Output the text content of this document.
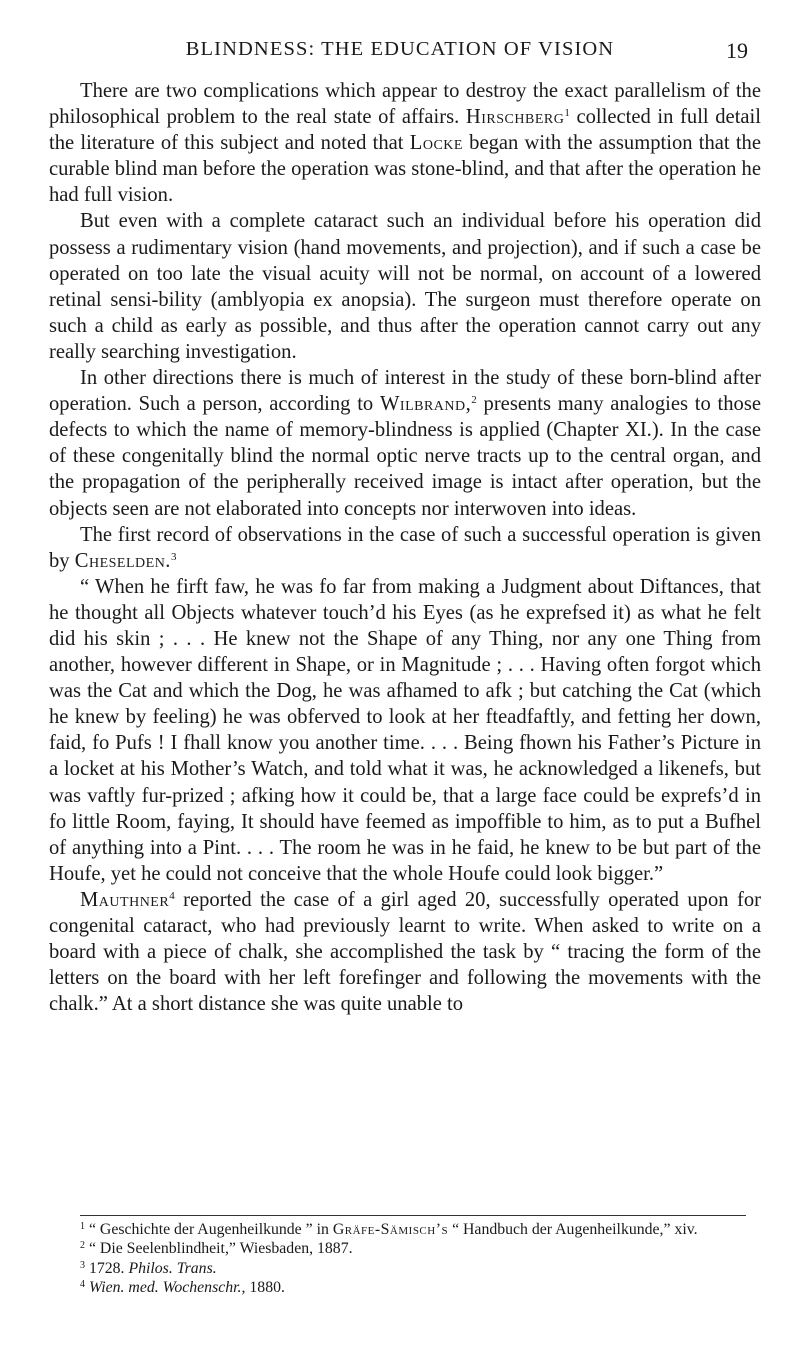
BLINDNESS: THE EDUCATION OF VISION	19

There are two complications which appear to destroy the exact parallelism of the philosophical problem to the real state of affairs. Hirschberg$^1$ collected in full detail the literature of this subject and noted that Locke began with the assumption that the curable blind man before the operation was stone-blind, and that after the operation he had full vision.

But even with a complete cataract such an individual before his operation did possess a rudimentary vision (hand movements, and projection), and if such a case be operated on too late the visual acuity will not be normal, on account of a lowered retinal sensi-bility (amblyopia ex anopsia). The surgeon must therefore operate on such a child as early as possible, and thus after the operation cannot carry out any really searching investigation.

In other directions there is much of interest in the study of these born-blind after operation. Such a person, according to Wilbrand,$^2$ presents many analogies to those defects to which the name of memory-blindness is applied (Chapter XI.). In the case of these congenitally blind the normal optic nerve tracts up to the central organ, and the propagation of the peripherally received image is intact after operation, but the objects seen are not elaborated into concepts nor interwoven into ideas.

The first record of observations in the case of such a successful operation is given by Cheselden.$^3$

“ When he firft faw, he was fo far from making a Judgment about Diftances, that he thought all Objects whatever touch’d his Eyes (as he exprefsed it) as what he felt did his skin ; . . . He knew not the Shape of any Thing, nor any one Thing from another, however different in Shape, or in Magnitude ; . . . Having often forgot which was the Cat and which the Dog, he was afhamed to afk ; but catching the Cat (which he knew by feeling) he was obferved to look at her fteadfaftly, and fetting her down, faid, fo Pufs ! I fhall know you another time. . . . Being fhown his Father’s Picture in a locket at his Mother’s Watch, and told what it was, he acknowledged a likenefs, but was vaftly fur-prized ; afking how it could be, that a large face could be exprefs’d in fo little Room, faying, It should have feemed as impoffible to him, as to put a Bufhel of anything into a Pint. . . . The room he was in he faid, he knew to be but part of the Houfe, yet he could not conceive that the whole Houfe could look bigger.”

Mauthner$^4$ reported the case of a girl aged 20, successfully operated upon for congenital cataract, who had previously learnt to write. When asked to write on a board with a piece of chalk, she accomplished the task by “ tracing the form of the letters on the board with her left forefinger and following the movements with the chalk.” At a short distance she was quite unable to

$^1$ “ Geschichte der Augenheilkunde ” in Gräfe-Sämisch’s “ Handbuch der Augenheilkunde,” xiv.

$^2$ “ Die Seelenblindheit,” Wiesbaden, 1887.

$^3$ 1728. Philos. Trans.

$^4$ Wien. med. Wochenschr., 1880.
